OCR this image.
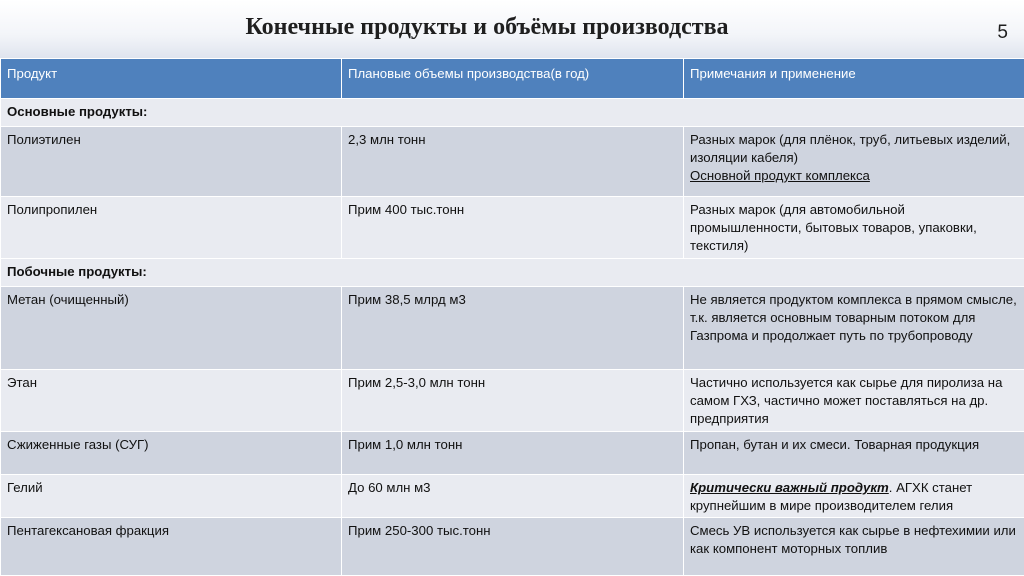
Конечные продукты и объёмы производства	5
Продукт	Плановые объемы производства(в год)	Примечания и применение
Основные продукты:		
Полиэтилен	2,3 млн тонн	Разных марок (для плёнок, труб, литьевых изделий, изоляции кабеля)
Основной продукт комплекса
Полипропилен	Прим 400 тыс.тонн	Разных марок (для автомобильной промышленности, бытовых товаров, упаковки, текстиля)
Побочные продукты:		
Метан (очищенный)	Прим 38,5 млрд м3	Не является продуктом комплекса в прямом смысле, т.к. является основным товарным потоком для Газпрома и продолжает путь по трубопроводу
Этан	Прим 2,5-3,0 млн тонн	Частично используется как сырье для пиролиза на самом ГХЗ, частично может поставляться на др. предприятия
Сжиженные газы (СУГ)	Прим 1,0 млн тонн	Пропан, бутан и их смеси. Товарная продукция
Гелий	До 60 млн м3	Критически важный продукт. АГХК станет крупнейшим в мире производителем гелия
Пентагексановая фракция	Прим 250-300 тыс.тонн	Смесь УВ используется как сырье в нефтехимии или как компонент моторных топлив
